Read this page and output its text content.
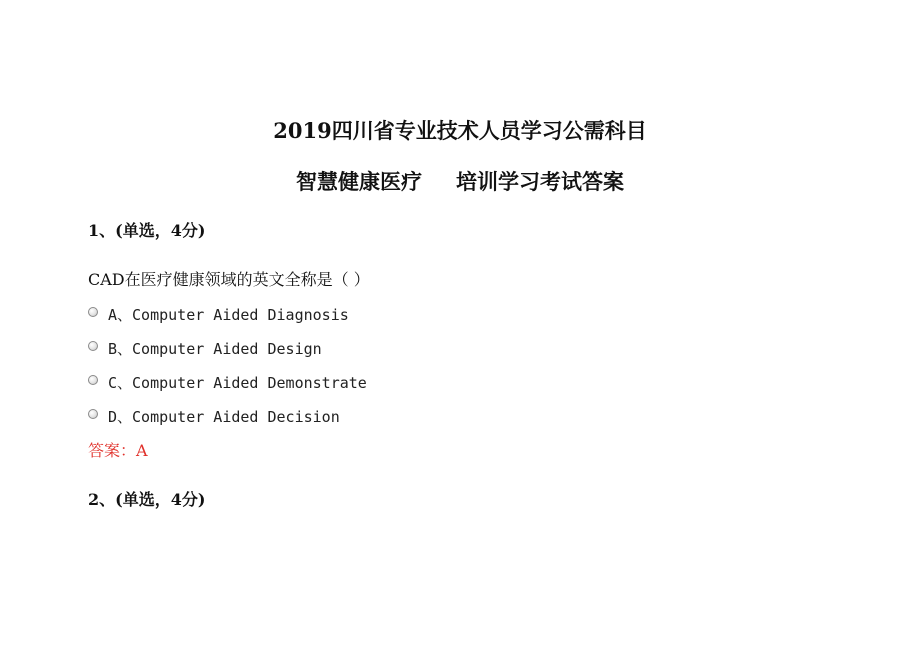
2019四川省专业技术人员学习公需科目
智慧健康医疗 培训学习考试答案
1、(单选，4分)
CAD在医疗健康领域的英文全称是（ ）
A、Computer Aided Diagnosis
B、Computer Aided Design
C、Computer Aided Demonstrate
D、Computer Aided Decision
答案：A
2、(单选，4分)
